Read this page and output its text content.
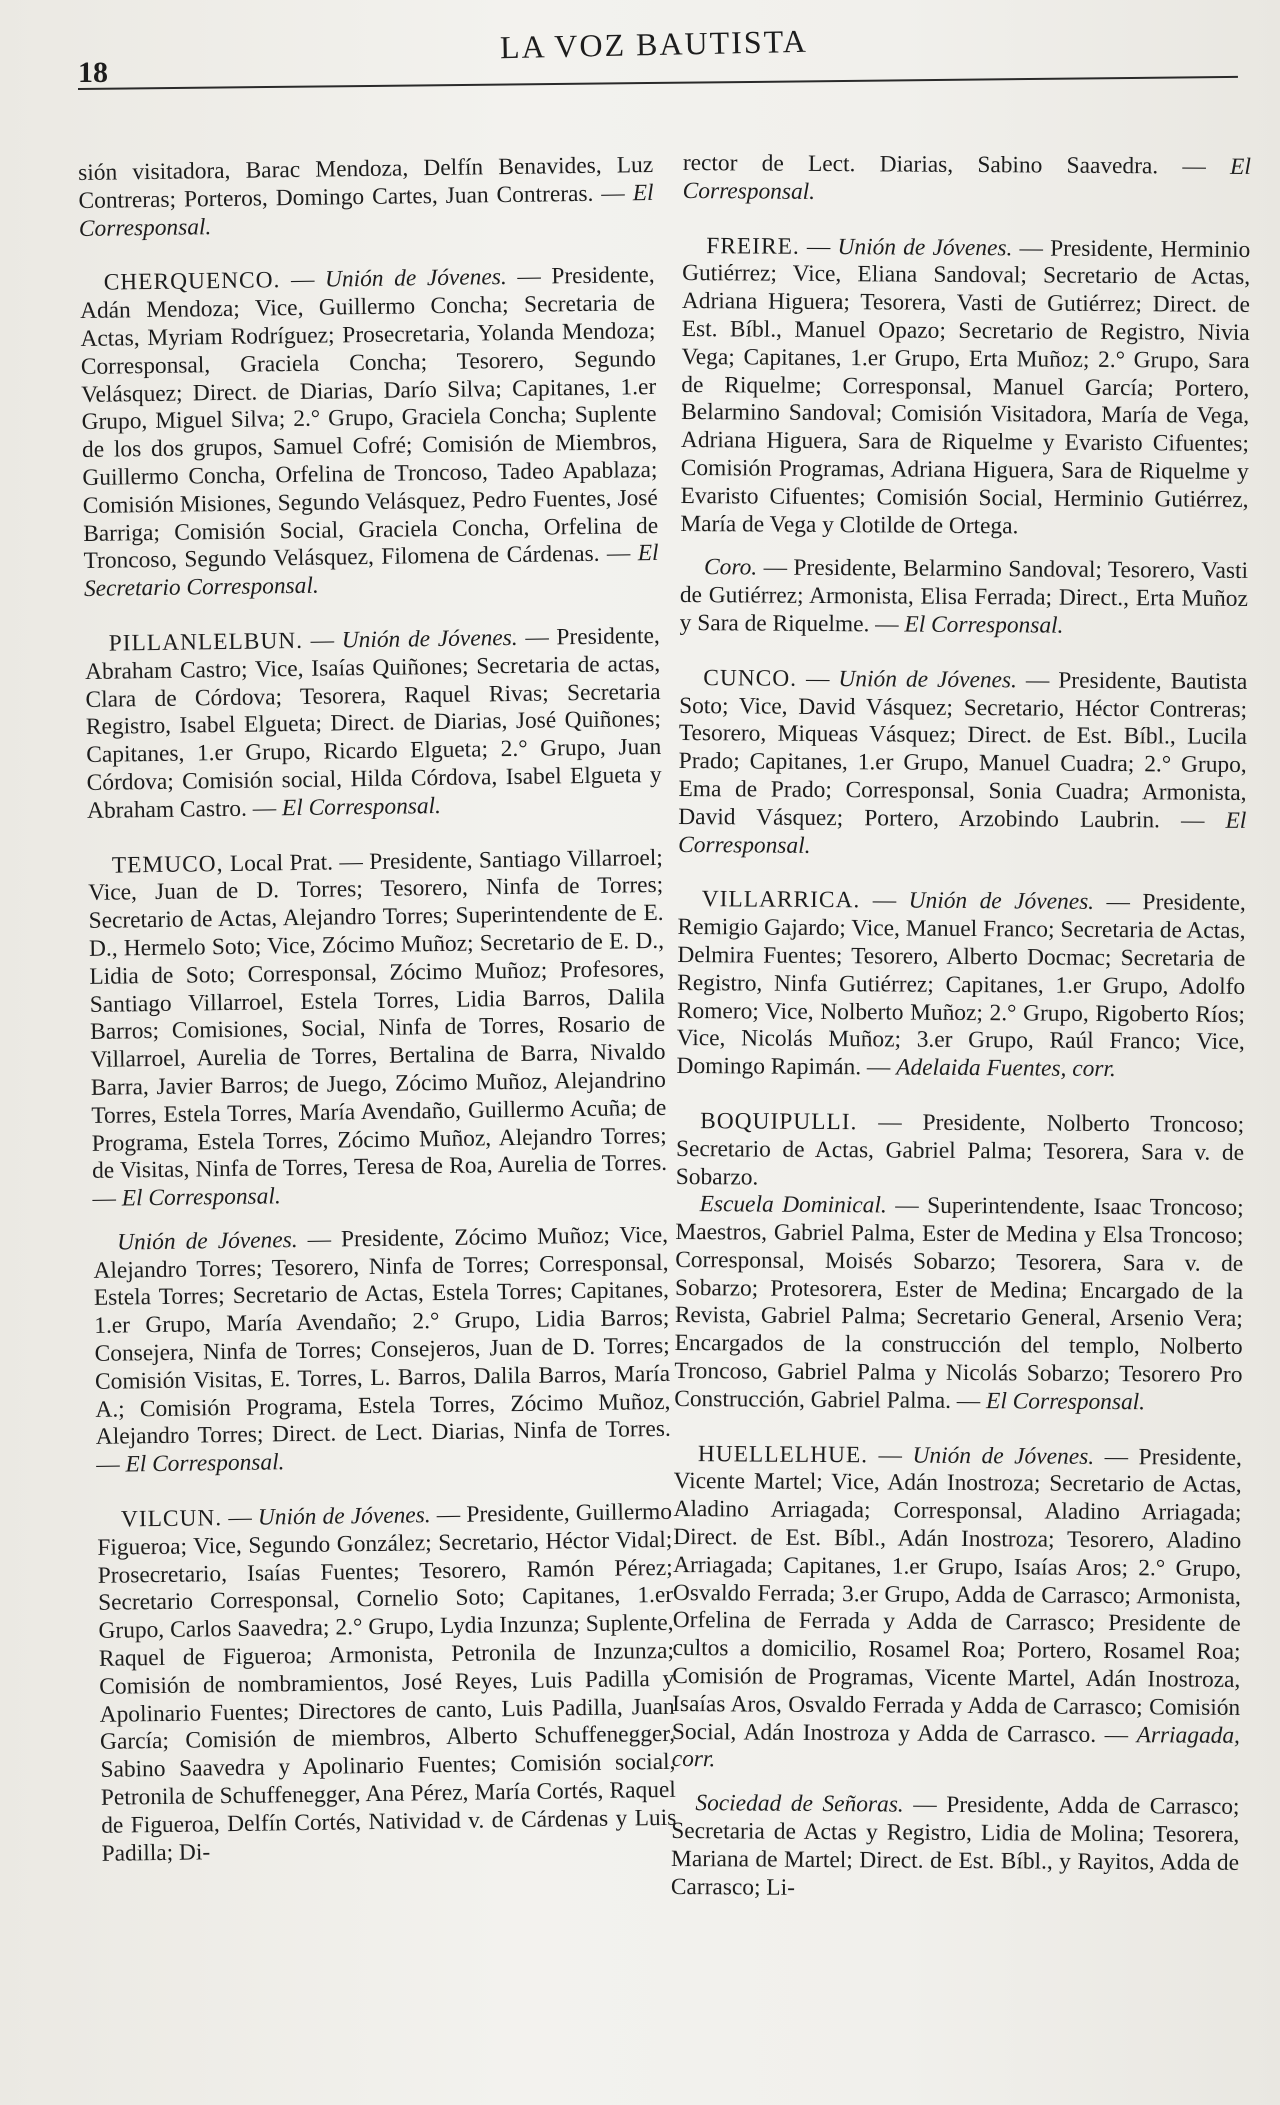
18

LA VOZ BAUTISTA

sión visitadora, Barac Mendoza, Delfín Benavides, Luz Contreras; Porteros, Domingo Cartes, Juan Contreras. — El Corresponsal.

CHERQUENCO. — Unión de Jóvenes. — Presidente, Adán Mendoza; Vice, Guillermo Concha; Secretaria de Actas, Myriam Rodríguez; Prosecretaria, Yolanda Mendoza; Corresponsal, Graciela Concha; Tesorero, Segundo Velásquez; Direct. de Diarias, Darío Silva; Capitanes, 1.er Grupo, Miguel Silva; 2.° Grupo, Graciela Concha; Suplente de los dos grupos, Samuel Cofré; Comisión de Miembros, Guillermo Concha, Orfelina de Troncoso, Tadeo Apablaza; Comisión Misiones, Segundo Velásquez, Pedro Fuentes, José Barriga; Comisión Social, Graciela Concha, Orfelina de Troncoso, Segundo Velásquez, Filomena de Cárdenas. — El Secretario Corresponsal.

PILLANLELBUN. — Unión de Jóvenes. — Presidente, Abraham Castro; Vice, Isaías Quiñones; Secretaria de actas, Clara de Córdova; Tesorera, Raquel Rivas; Secretaria Registro, Isabel Elgueta; Direct. de Diarias, José Quiñones; Capitanes, 1.er Grupo, Ricardo Elgueta; 2.° Grupo, Juan Córdova; Comisión social, Hilda Córdova, Isabel Elgueta y Abraham Castro. — El Corresponsal.

TEMUCO, Local Prat. — Presidente, Santiago Villarroel; Vice, Juan de D. Torres; Tesorero, Ninfa de Torres; Secretario de Actas, Alejandro Torres; Superintendente de E. D., Hermelo Soto; Vice, Zócimo Muñoz; Secretario de E. D., Lidia de Soto; Corresponsal, Zócimo Muñoz; Profesores, Santiago Villarroel, Estela Torres, Lidia Barros, Dalila Barros; Comisiones, Social, Ninfa de Torres, Rosario de Villarroel, Aurelia de Torres, Bertalina de Barra, Nivaldo Barra, Javier Barros; de Juego, Zócimo Muñoz, Alejandrino Torres, Estela Torres, María Avendaño, Guillermo Acuña; de Programa, Estela Torres, Zócimo Muñoz, Alejandro Torres; de Visitas, Ninfa de Torres, Teresa de Roa, Aurelia de Torres. — El Corresponsal.

Unión de Jóvenes. — Presidente, Zócimo Muñoz; Vice, Alejandro Torres; Tesorero, Ninfa de Torres; Corresponsal, Estela Torres; Secretario de Actas, Estela Torres; Capitanes, 1.er Grupo, María Avendaño; 2.° Grupo, Lidia Barros; Consejera, Ninfa de Torres; Consejeros, Juan de D. Torres; Comisión Visitas, E. Torres, L. Barros, Dalila Barros, María A.; Comisión Programa, Estela Torres, Zócimo Muñoz, Alejandro Torres; Direct. de Lect. Diarias, Ninfa de Torres. — El Corresponsal.

VILCUN. — Unión de Jóvenes. — Presidente, Guillermo Figueroa; Vice, Segundo González; Secretario, Héctor Vidal; Prosecretario, Isaías Fuentes; Tesorero, Ramón Pérez; Secretario Corresponsal, Cornelio Soto; Capitanes, 1.er Grupo, Carlos Saavedra; 2.° Grupo, Lydia Inzunza; Suplente, Raquel de Figueroa; Armonista, Petronila de Inzunza; Comisión de nombramientos, José Reyes, Luis Padilla y Apolinario Fuentes; Directores de canto, Luis Padilla, Juan García; Comisión de miembros, Alberto Schuffenegger, Sabino Saavedra y Apolinario Fuentes; Comisión social, Petronila de Schuffenegger, Ana Pérez, María Cortés, Raquel de Figueroa, Delfín Cortés, Natividad v. de Cárdenas y Luis Padilla; Di-

rector de Lect. Diarias, Sabino Saavedra. — El Corresponsal.

FREIRE. — Unión de Jóvenes. — Presidente, Herminio Gutiérrez; Vice, Eliana Sandoval; Secretario de Actas, Adriana Higuera; Tesorera, Vasti de Gutiérrez; Direct. de Est. Bíbl., Manuel Opazo; Secretario de Registro, Nivia Vega; Capitanes, 1.er Grupo, Erta Muñoz; 2.° Grupo, Sara de Riquelme; Corresponsal, Manuel García; Portero, Belarmino Sandoval; Comisión Visitadora, María de Vega, Adriana Higuera, Sara de Riquelme y Evaristo Cifuentes; Comisión Programas, Adriana Higuera, Sara de Riquelme y Evaristo Cifuentes; Comisión Social, Herminio Gutiérrez, María de Vega y Clotilde de Ortega.

Coro. — Presidente, Belarmino Sandoval; Tesorero, Vasti de Gutiérrez; Armonista, Elisa Ferrada; Direct., Erta Muñoz y Sara de Riquelme. — El Corresponsal.

CUNCO. — Unión de Jóvenes. — Presidente, Bautista Soto; Vice, David Vásquez; Secretario, Héctor Contreras; Tesorero, Miqueas Vásquez; Direct. de Est. Bíbl., Lucila Prado; Capitanes, 1.er Grupo, Manuel Cuadra; 2.° Grupo, Ema de Prado; Corresponsal, Sonia Cuadra; Armonista, David Vásquez; Portero, Arzobindo Laubrin. — El Corresponsal.

VILLARRICA. — Unión de Jóvenes. — Presidente, Remigio Gajardo; Vice, Manuel Franco; Secretaria de Actas, Delmira Fuentes; Tesorero, Alberto Docmac; Secretaria de Registro, Ninfa Gutiérrez; Capitanes, 1.er Grupo, Adolfo Romero; Vice, Nolberto Muñoz; 2.° Grupo, Rigoberto Ríos; Vice, Nicolás Muñoz; 3.er Grupo, Raúl Franco; Vice, Domingo Rapimán. — Adelaida Fuentes, corr.

BOQUIPULLI. — Presidente, Nolberto Troncoso; Secretario de Actas, Gabriel Palma; Tesorera, Sara v. de Sobarzo.

Escuela Dominical. — Superintendente, Isaac Troncoso; Maestros, Gabriel Palma, Ester de Medina y Elsa Troncoso; Corresponsal, Moisés Sobarzo; Tesorera, Sara v. de Sobarzo; Protesorera, Ester de Medina; Encargado de la Revista, Gabriel Palma; Secretario General, Arsenio Vera; Encargados de la construcción del templo, Nolberto Troncoso, Gabriel Palma y Nicolás Sobarzo; Tesorero Pro Construcción, Gabriel Palma. — El Corresponsal.

HUELLELHUE. — Unión de Jóvenes. — Presidente, Vicente Martel; Vice, Adán Inostroza; Secretario de Actas, Aladino Arriagada; Corresponsal, Aladino Arriagada; Direct. de Est. Bíbl., Adán Inostroza; Tesorero, Aladino Arriagada; Capitanes, 1.er Grupo, Isaías Aros; 2.° Grupo, Osvaldo Ferrada; 3.er Grupo, Adda de Carrasco; Armonista, Orfelina de Ferrada y Adda de Carrasco; Presidente de cultos a domicilio, Rosamel Roa; Portero, Rosamel Roa; Comisión de Programas, Vicente Martel, Adán Inostroza, Isaías Aros, Osvaldo Ferrada y Adda de Carrasco; Comisión Social, Adán Inostroza y Adda de Carrasco. — Arriagada, corr.

Sociedad de Señoras. — Presidente, Adda de Carrasco; Secretaria de Actas y Registro, Lidia de Molina; Tesorera, Mariana de Martel; Direct. de Est. Bíbl., y Rayitos, Adda de Carrasco; Li-
